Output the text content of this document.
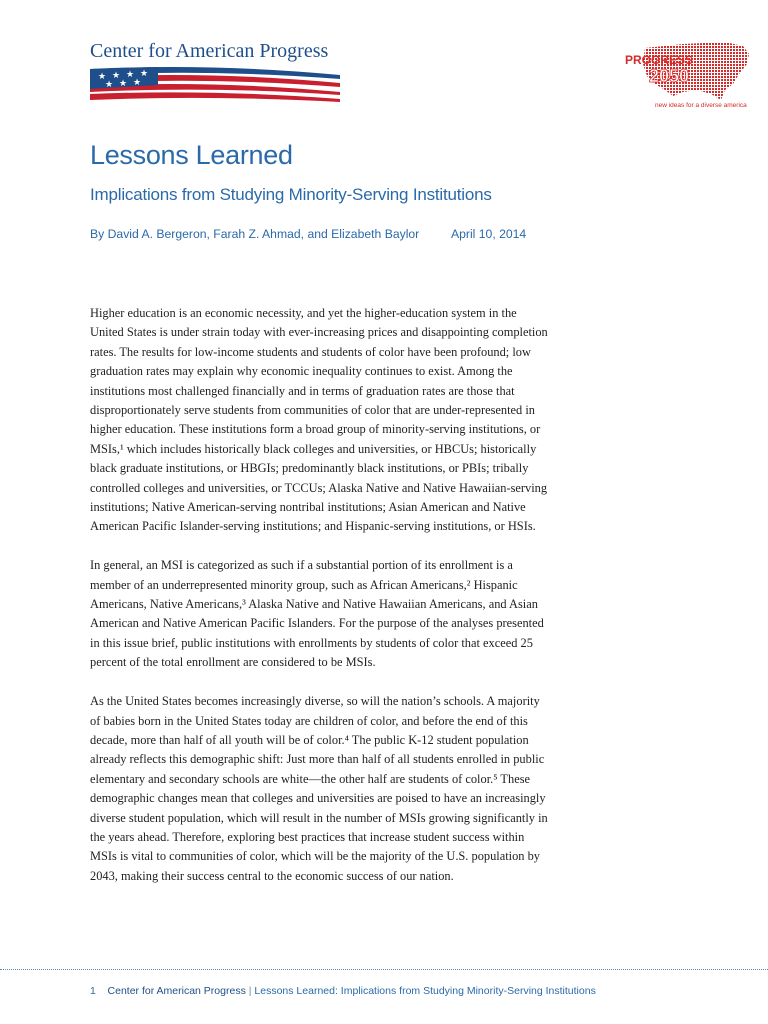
Center for American Progress
★ ★ ★ ★
★ ★ ★
PROGRESS
2050
new ideas for a diverse america
Lessons Learned
Implications from Studying Minority-Serving Institutions
By David A. Bergeron, Farah Z. Ahmad, and Elizabeth Baylor	April 10, 2014

Higher education is an economic necessity, and yet the higher-education system in the United States is under strain today with ever-increasing prices and disappointing completion rates. The results for low-income students and students of color have been profound; low graduation rates may explain why economic inequality continues to exist. Among the institutions most challenged financially and in terms of graduation rates are those that disproportionately serve students from communities of color that are under-represented in higher education. These institutions form a broad group of minority-serving institutions, or MSIs,¹ which includes historically black colleges and universities, or HBCUs; historically black graduate institutions, or HBGIs; predominantly black institutions, or PBIs; tribally controlled colleges and universities, or TCCUs; Alaska Native and Native Hawaiian-serving institutions; Native American-serving nontribal institutions; Asian American and Native American Pacific Islander-serving institutions; and Hispanic-serving institutions, or HSIs.

In general, an MSI is categorized as such if a substantial portion of its enrollment is a member of an underrepresented minority group, such as African Americans,² Hispanic Americans, Native Americans,³ Alaska Native and Native Hawaiian Americans, and Asian American and Native American Pacific Islanders. For the purpose of the analyses presented in this issue brief, public institutions with enrollments by students of color that exceed 25 percent of the total enrollment are considered to be MSIs.

As the United States becomes increasingly diverse, so will the nation’s schools. A majority of babies born in the United States today are children of color, and before the end of this decade, more than half of all youth will be of color.⁴ The public K-12 student population already reflects this demographic shift: Just more than half of all students enrolled in public elementary and secondary schools are white—the other half are students of color.⁵ These demographic changes mean that colleges and universities are poised to have an increasingly diverse student population, which will result in the number of MSIs growing significantly in the years ahead. Therefore, exploring best practices that increase student success within MSIs is vital to communities of color, which will be the majority of the U.S. population by 2043, making their success central to the economic success of our nation.

1 Center for American Progress | Lessons Learned: Implications from Studying Minority-Serving Institutions
